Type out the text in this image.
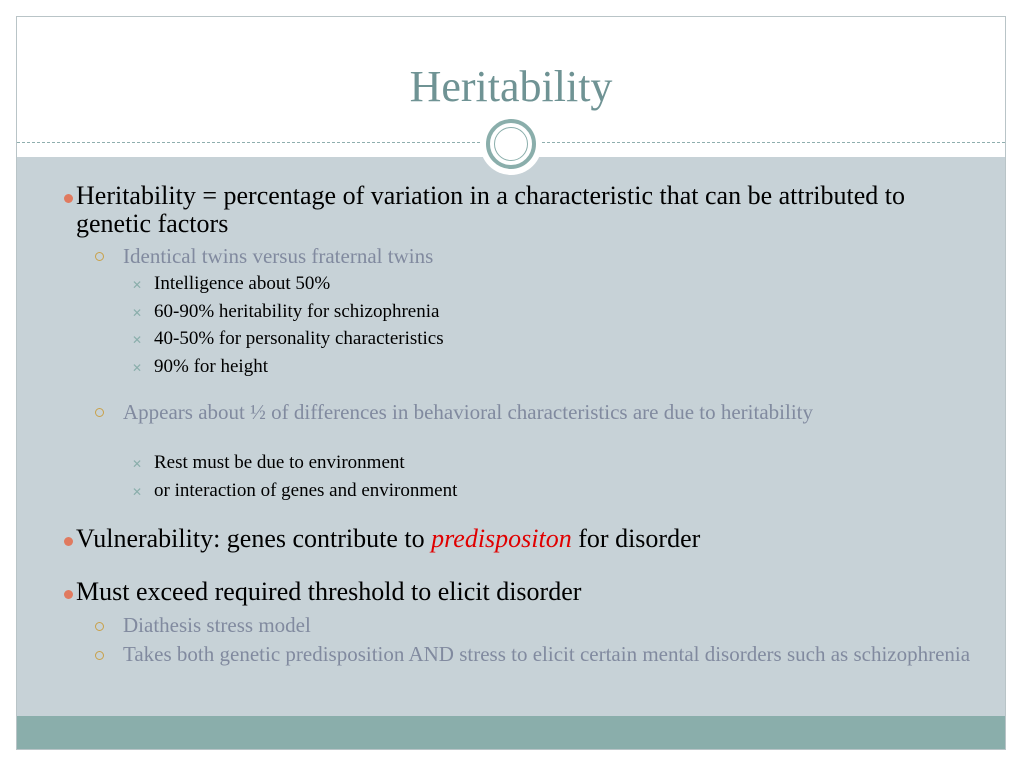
Heritability

Heritability = percentage of variation in a characteristic that can be attributed to genetic factors

Identical twins versus fraternal twins

✕ Intelligence about 50%

✕ 60-90% heritability for schizophrenia

✕ 40-50% for personality characteristics

✕ 90% for height

Appears about ½ of differences in behavioral characteristics are due to heritability

✕ Rest must be due to environment

✕ or interaction of genes and environment

Vulnerability: genes contribute to predispositon for disorder

Must exceed required threshold to elicit disorder

Diathesis stress model

Takes both genetic predisposition AND stress to elicit certain mental disorders such as schizophrenia
